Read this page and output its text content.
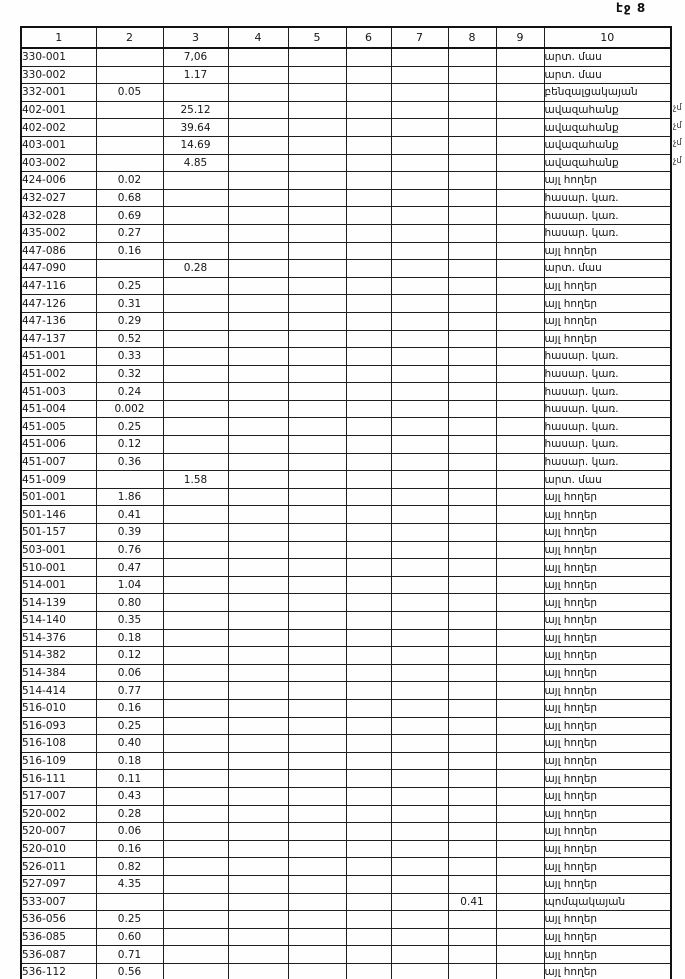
էջ 8
1	2	3	4	5	6	7	8	9	10
330-001		7,06							արտ. մաս
330-002		1.17							արտ. մաս
332-001	0.05								բենզալցակայան
402-001		25.12							ավազահանք
402-002		39.64							ավազահանք
403-001		14.69							ավազահանք
403-002		4.85							ավազահանք
424-006	0.02								այլ հողեր
432-027	0.68								հասար. կառ.
432-028	0.69								հասար. կառ.
435-002	0.27								հասար. կառ.
447-086	0.16								այլ հողեր
447-090		0.28							արտ. մաս
447-116	0.25								այլ հողեր
447-126	0.31								այլ հողեր
447-136	0.29								այլ հողեր
447-137	0.52								այլ հողեր
451-001	0.33								հասար. կառ.
451-002	0.32								հասար. կառ.
451-003	0.24								հասար. կառ.
451-004	0.002								հասար. կառ.
451-005	0.25								հասար. կառ.
451-006	0.12								հասար. կառ.
451-007	0.36								հասար. կառ.
451-009		1.58							արտ. մաս
501-001	1.86								այլ հողեր
501-146	0.41								այլ հողեր
501-157	0.39								այլ հողեր
503-001	0.76								այլ հողեր
510-001	0.47								այլ հողեր
514-001	1.04								այլ հողեր
514-139	0.80								այլ հողեր
514-140	0.35								այլ հողեր
514-376	0.18								այլ հողեր
514-382	0.12								այլ հողեր
514-384	0.06								այլ հողեր
514-414	0.77								այլ հողեր
516-010	0.16								այլ հողեր
516-093	0.25								այլ հողեր
516-108	0.40								այլ հողեր
516-109	0.18								այլ հողեր
516-111	0.11								այլ հողեր
517-007	0.43								այլ հողեր
520-002	0.28								այլ հողեր
520-007	0.06								այլ հողեր
520-010	0.16								այլ հողեր
526-011	0.82								այլ հողեր
527-097	4.35								այլ հողեր
533-007							0.41		պոմպակայան
536-056	0.25								այլ հողեր
536-085	0.60								այլ հողեր
536-087	0.71								այլ հողեր
536-112	0.56								այլ հողեր
չմ
չմ
չմ
չմ
